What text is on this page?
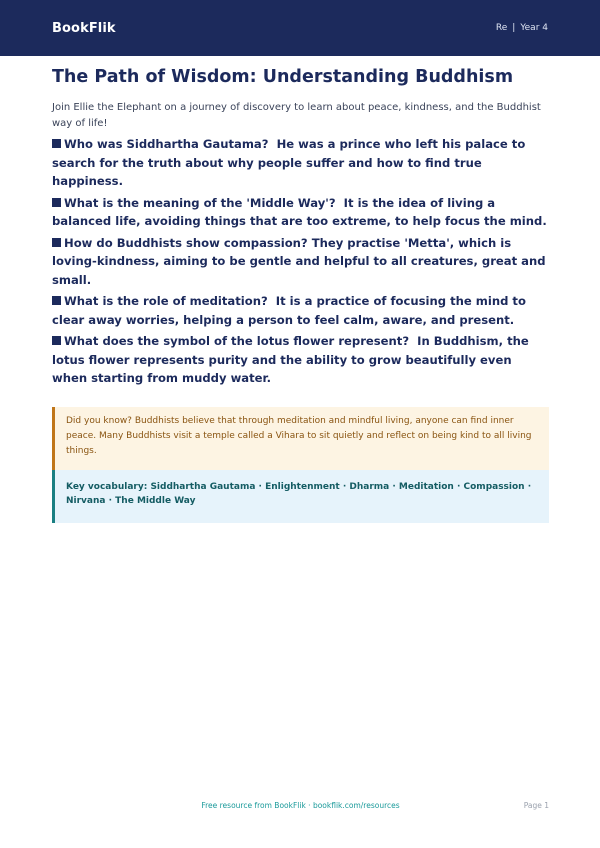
BookFlik	Re | Year 4
The Path of Wisdom: Understanding Buddhism

Join Ellie the Elephant on a journey of discovery to learn about peace, kindness, and the Buddhist way of life!

Who was Siddhartha Gautama? He was a prince who left his palace to search for the truth about why people suffer and how to find true happiness.

What is the meaning of the 'Middle Way'? It is the idea of living a balanced life, avoiding things that are too extreme, to help focus the mind.

How do Buddhists show compassion? They practise 'Metta', which is loving-kindness, aiming to be gentle and helpful to all creatures, great and small.

What is the role of meditation? It is a practice of focusing the mind to clear away worries, helping a person to feel calm, aware, and present.

What does the symbol of the lotus flower represent? In Buddhism, the lotus flower represents purity and the ability to grow beautifully even when starting from muddy water.

Did you know? Buddhists believe that through meditation and mindful living, anyone can find inner peace. Many Buddhists visit a temple called a Vihara to sit quietly and reflect on being kind to all living things.
Key vocabulary: Siddhartha Gautama · Enlightenment · Dharma · Meditation · Compassion · Nirvana · The Middle Way
Free resource from BookFlik · bookflik.com/resources	Page 1
